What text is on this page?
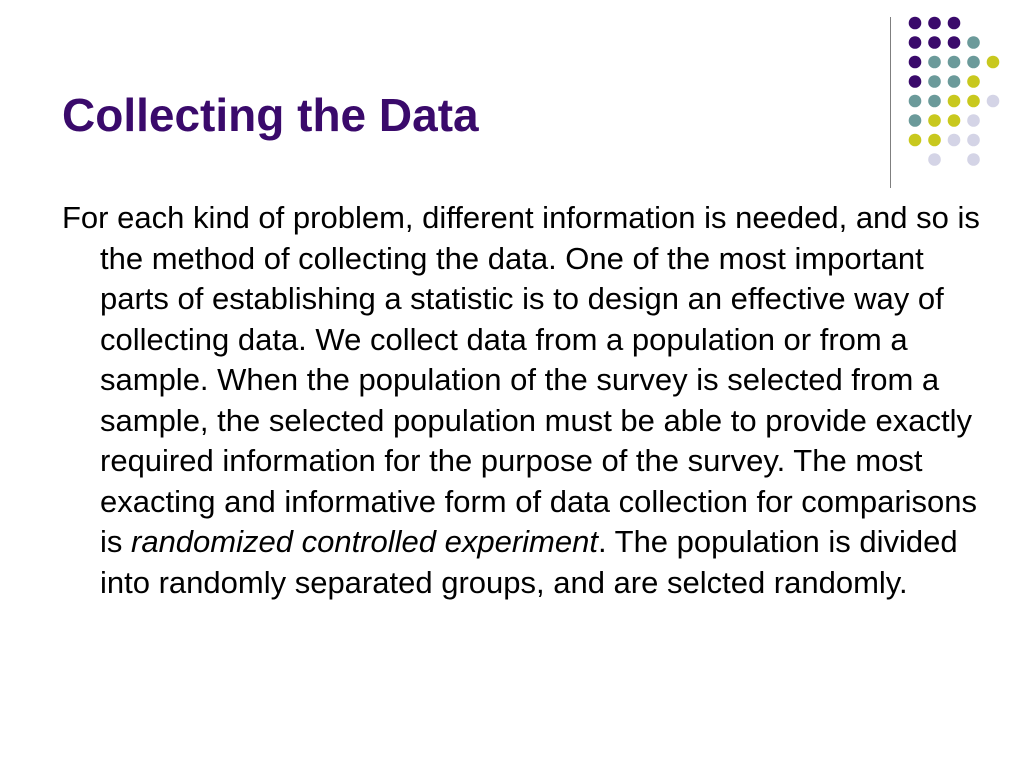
Collecting the Data

For each kind of problem, different information is needed, and so is the method of collecting the data. One of the most important parts of establishing a statistic is to design an effective way of collecting data. We collect data from a population or from a sample. When the population of the survey is selected from a sample, the selected population must be able to provide exactly required information for the purpose of the survey. The most exacting and informative form of data collection for comparisons is randomized controlled experiment. The population is divided into randomly separated groups, and are selcted randomly.
